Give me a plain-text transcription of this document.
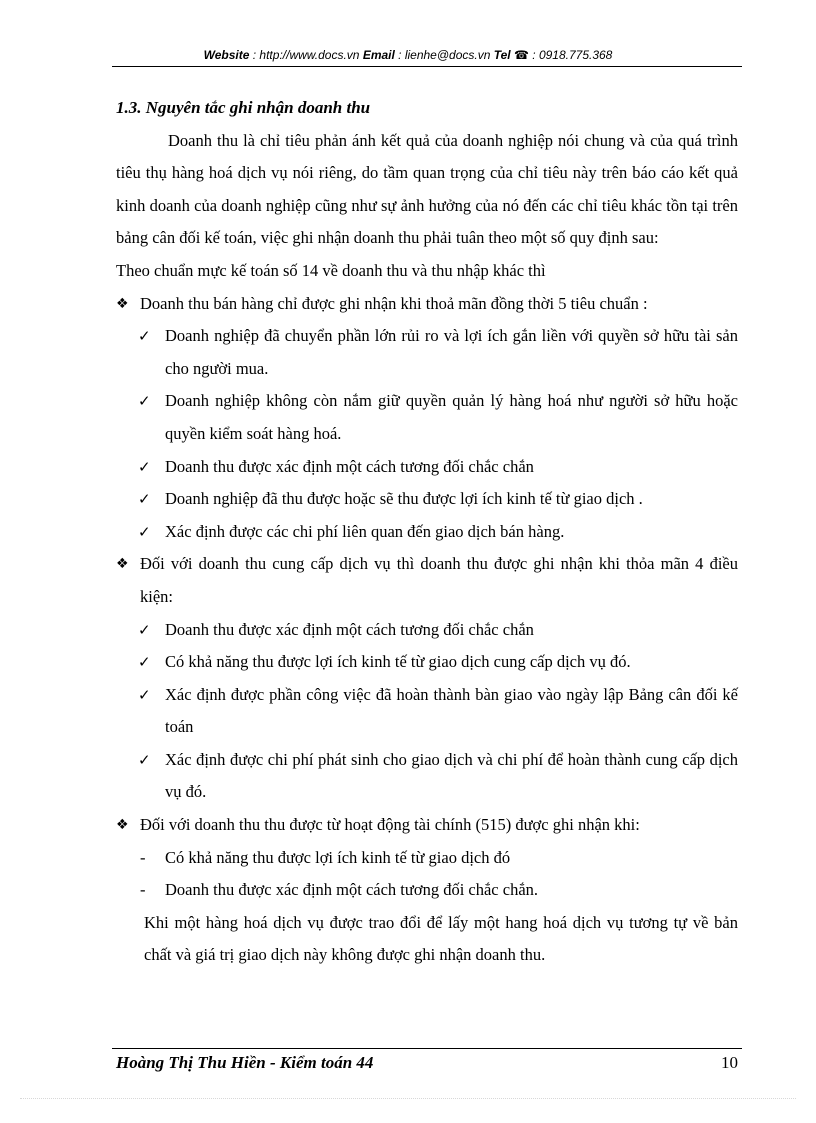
Website : http://www.docs.vn Email : lienhe@docs.vn Tel ☎ : 0918.775.368

1.3. Nguyên tắc ghi nhận doanh thu

Doanh thu là chỉ tiêu phản ánh kết quả của doanh nghiệp nói chung và của quá trình tiêu thụ hàng hoá dịch vụ nói riêng, do tầm quan trọng của chỉ tiêu này trên báo cáo kết quả kinh doanh của doanh nghiệp cũng như sự ảnh hưởng của nó đến các chỉ tiêu khác tồn tại trên bảng cân đối kế toán, việc ghi nhận doanh thu phải tuân theo một số quy định sau:

Theo chuẩn mực kế toán số 14 về doanh thu và thu nhập khác thì

❖ Doanh thu bán hàng chỉ được ghi nhận khi thoả mãn đồng thời 5 tiêu chuẩn :

✓ Doanh nghiệp đã chuyển phần lớn rủi ro và lợi ích gắn liền với quyền sở hữu tài sản cho người mua.

✓ Doanh nghiệp không còn nắm giữ quyền quản lý hàng hoá như người sở hữu hoặc quyền kiểm soát hàng hoá.

✓ Doanh thu được xác định một cách tương đối chắc chắn

✓ Doanh nghiệp đã thu được hoặc sẽ thu được lợi ích kinh tế từ giao dịch .

✓ Xác định được các chi phí liên quan đến giao dịch bán hàng.

❖ Đối với doanh thu cung cấp dịch vụ thì doanh thu được ghi nhận khi thỏa mãn 4 điều kiện:

✓ Doanh thu được xác định một cách tương đối chắc chắn

✓ Có khả năng thu được lợi ích kinh tế từ giao dịch cung cấp dịch vụ đó.

✓ Xác định được phần công việc đã hoàn thành bàn giao vào ngày lập Bảng cân đối kế toán

✓ Xác định được chi phí phát sinh cho giao dịch và chi phí để hoàn thành cung cấp dịch vụ đó.

❖ Đối với doanh thu thu được từ hoạt động tài chính (515) được ghi nhận khi:

- Có khả năng thu được lợi ích kinh tế từ giao dịch đó

- Doanh thu được xác định một cách tương đối chắc chắn.

Khi một hàng hoá dịch vụ được trao đổi để lấy một hang hoá dịch vụ tương tự về bản chất và giá trị giao dịch này không được ghi nhận doanh thu.

Hoàng Thị Thu Hiền - Kiểm toán 44	10
